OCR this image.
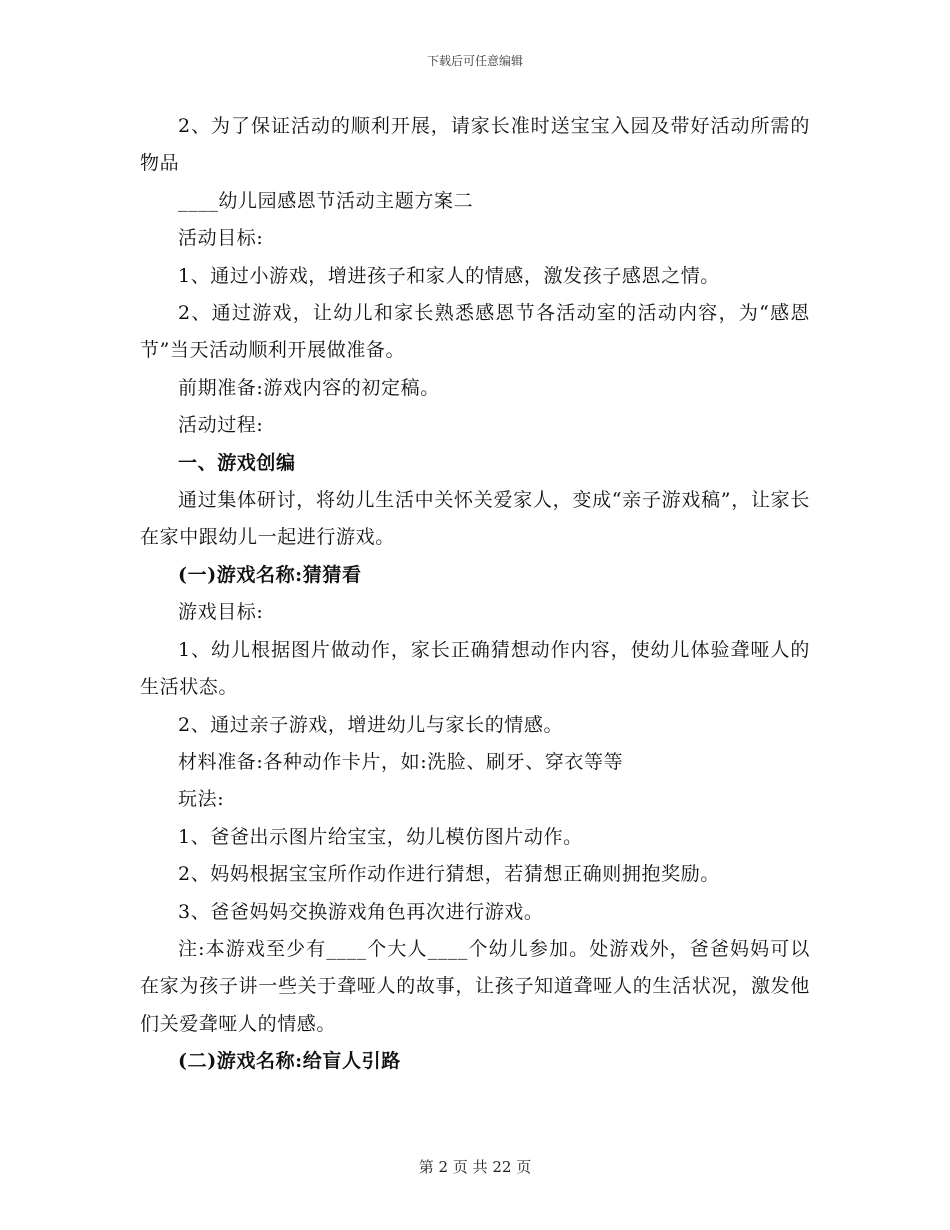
下载后可任意编辑

2、为了保证活动的顺利开展，请家长准时送宝宝入园及带好活动所需的物品

____幼儿园感恩节活动主题方案二

活动目标:

1、通过小游戏，增进孩子和家人的情感，激发孩子感恩之情。

2、通过游戏，让幼儿和家长熟悉感恩节各活动室的活动内容，为“感恩节”当天活动顺利开展做准备。

前期准备:游戏内容的初定稿。

活动过程:

一、游戏创编

通过集体研讨，将幼儿生活中关怀关爱家人，变成“亲子游戏稿”，让家长在家中跟幼儿一起进行游戏。

(一)游戏名称:猜猜看

游戏目标:

1、幼儿根据图片做动作，家长正确猜想动作内容，使幼儿体验聋哑人的生活状态。

2、通过亲子游戏，增进幼儿与家长的情感。

材料准备:各种动作卡片，如:洗脸、刷牙、穿衣等等

玩法:

1、爸爸出示图片给宝宝，幼儿模仿图片动作。

2、妈妈根据宝宝所作动作进行猜想，若猜想正确则拥抱奖励。

3、爸爸妈妈交换游戏角色再次进行游戏。

注:本游戏至少有____个大人____个幼儿参加。处游戏外，爸爸妈妈可以在家为孩子讲一些关于聋哑人的故事，让孩子知道聋哑人的生活状况，激发他们关爱聋哑人的情感。

(二)游戏名称:给盲人引路

第 2 页 共 22 页
